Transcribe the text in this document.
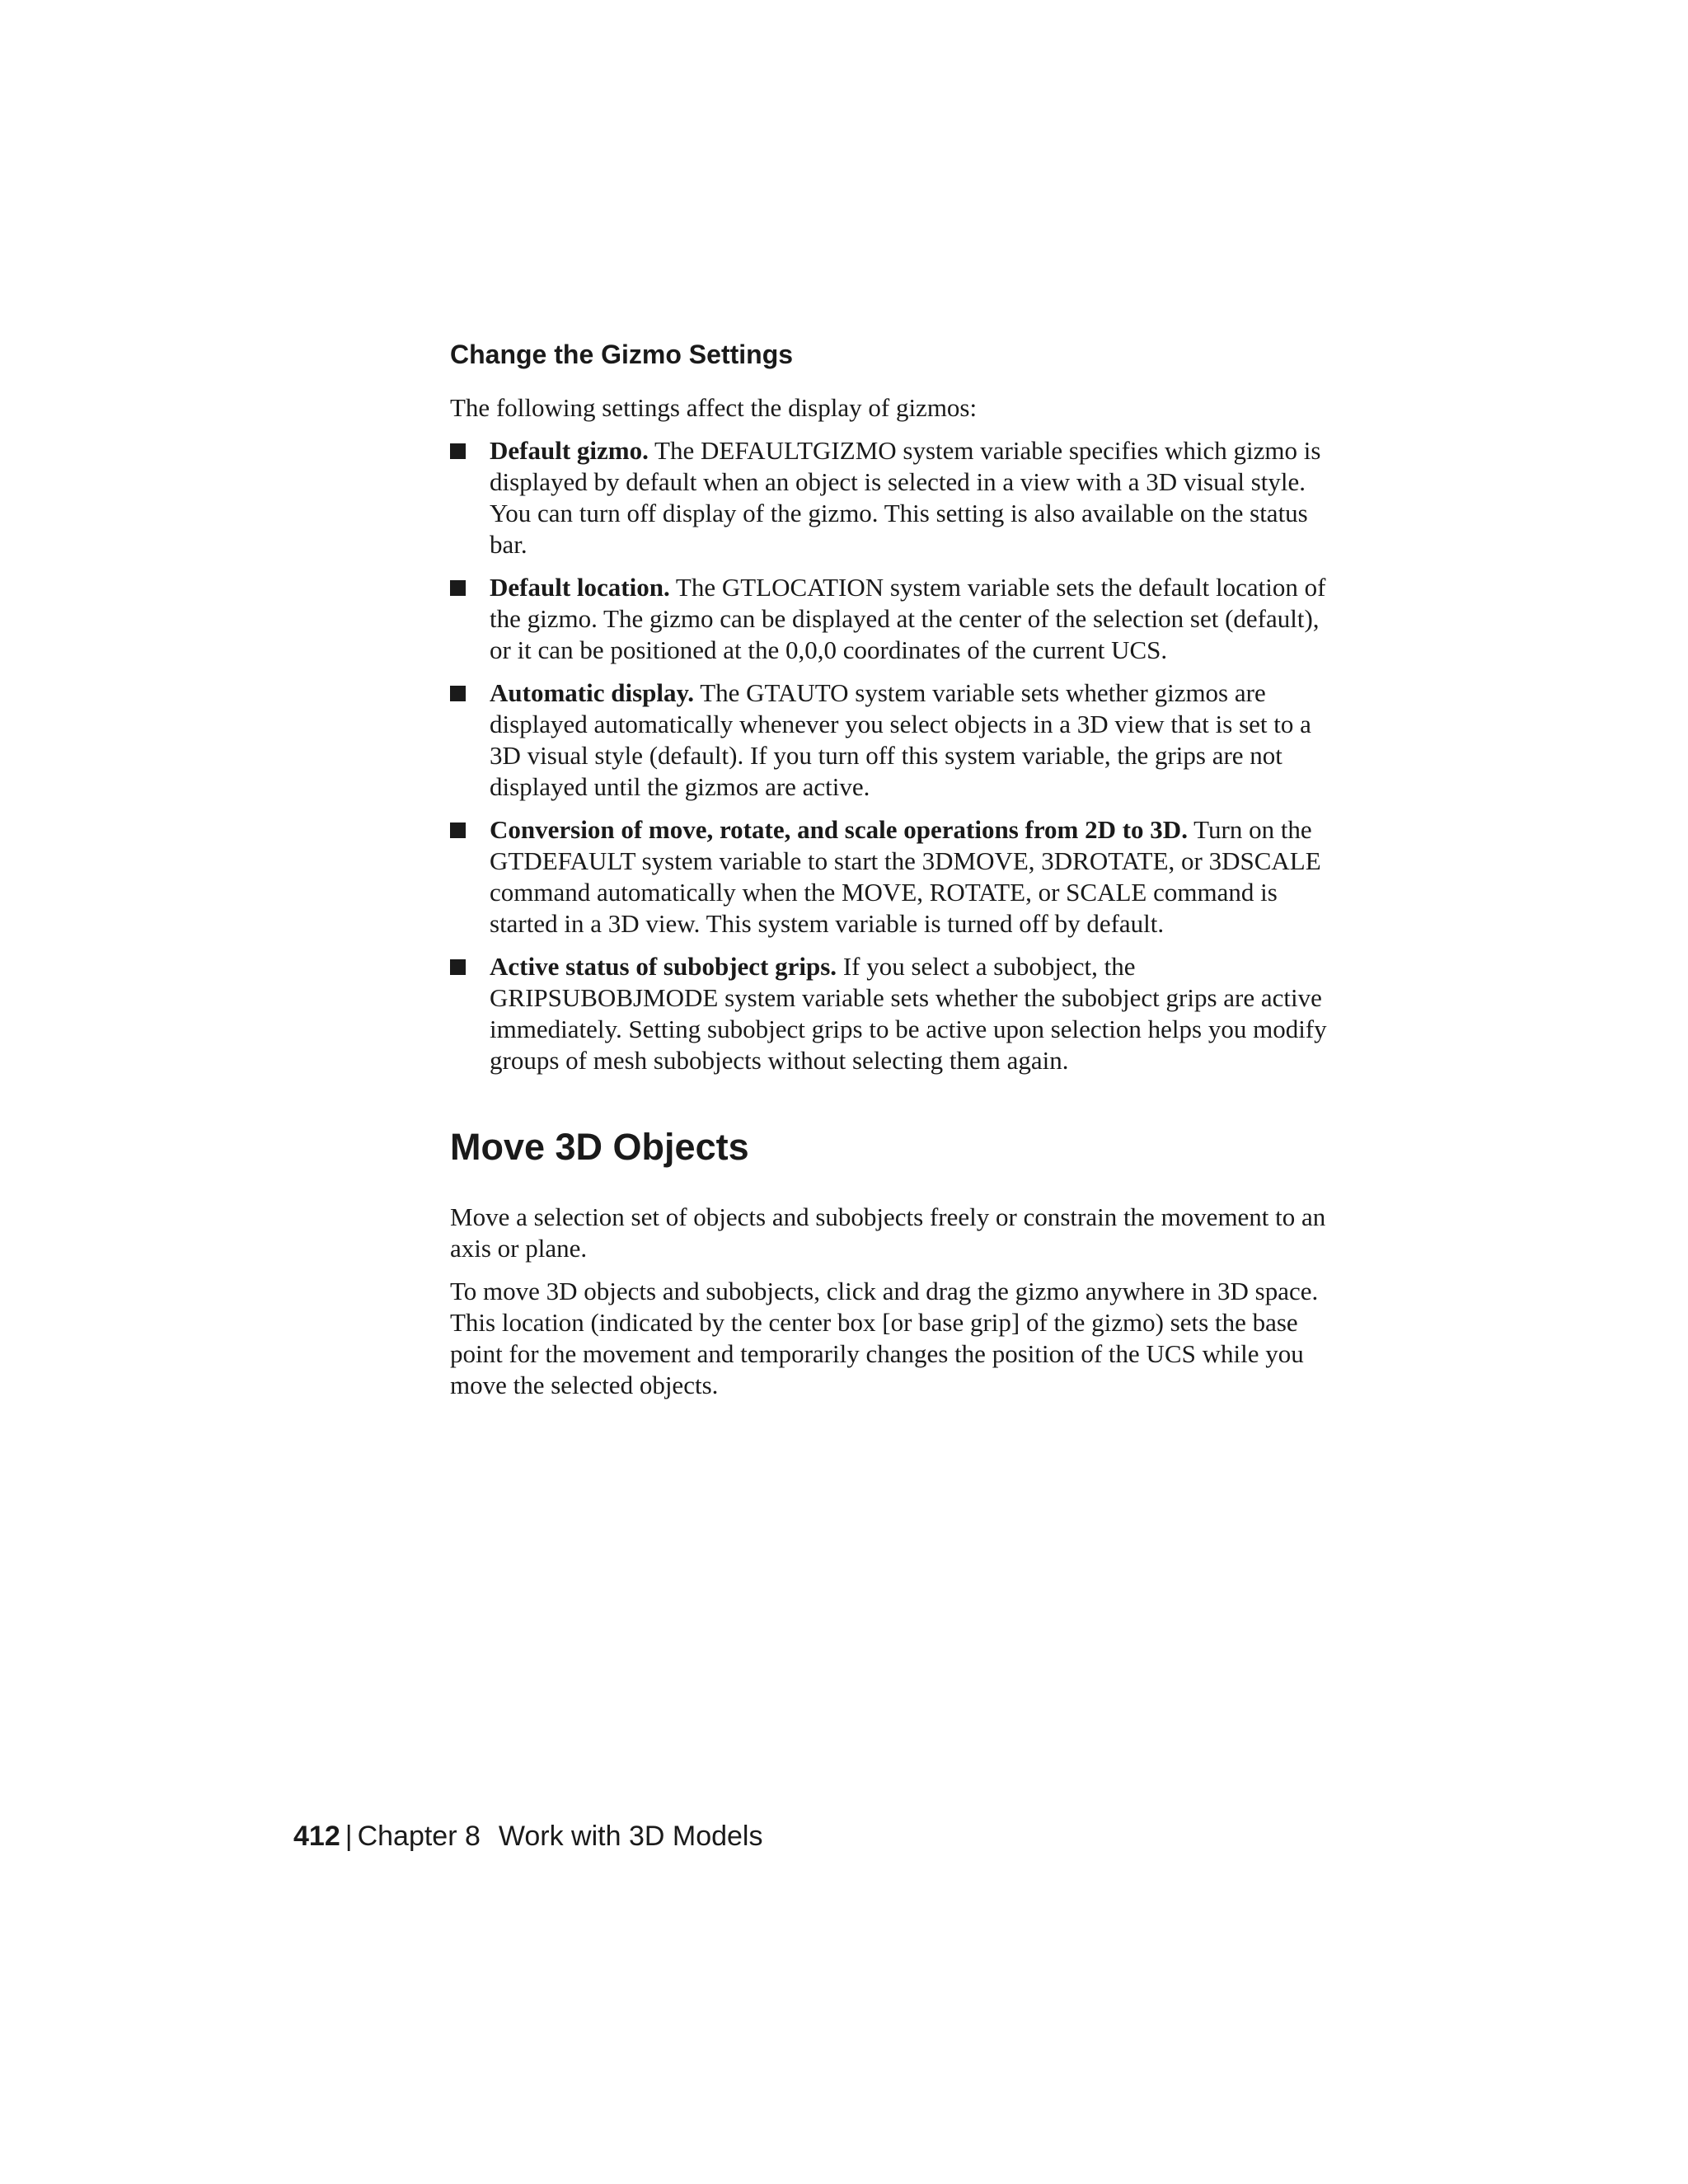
Change the Gizmo Settings

The following settings affect the display of gizmos:

Default gizmo. The DEFAULTGIZMO system variable specifies which gizmo is displayed by default when an object is selected in a view with a 3D visual style. You can turn off display of the gizmo. This setting is also available on the status bar.
Default location. The GTLOCATION system variable sets the default location of the gizmo. The gizmo can be displayed at the center of the selection set (default), or it can be positioned at the 0,0,0 coordinates of the current UCS.
Automatic display. The GTAUTO system variable sets whether gizmos are displayed automatically whenever you select objects in a 3D view that is set to a 3D visual style (default). If you turn off this system variable, the grips are not displayed until the gizmos are active.
Conversion of move, rotate, and scale operations from 2D to 3D. Turn on the GTDEFAULT system variable to start the 3DMOVE, 3DROTATE, or 3DSCALE command automatically when the MOVE, ROTATE, or SCALE command is started in a 3D view. This system variable is turned off by default.
Active status of subobject grips. If you select a subobject, the GRIPSUBOBJMODE system variable sets whether the subobject grips are active immediately. Setting subobject grips to be active upon selection helps you modify groups of mesh subobjects without selecting them again.
Move 3D Objects

Move a selection set of objects and subobjects freely or constrain the movement to an axis or plane.

To move 3D objects and subobjects, click and drag the gizmo anywhere in 3D space. This location (indicated by the center box [or base grip] of the gizmo) sets the base point for the movement and temporarily changes the position of the UCS while you move the selected objects.

412 | Chapter 8 Work with 3D Models
